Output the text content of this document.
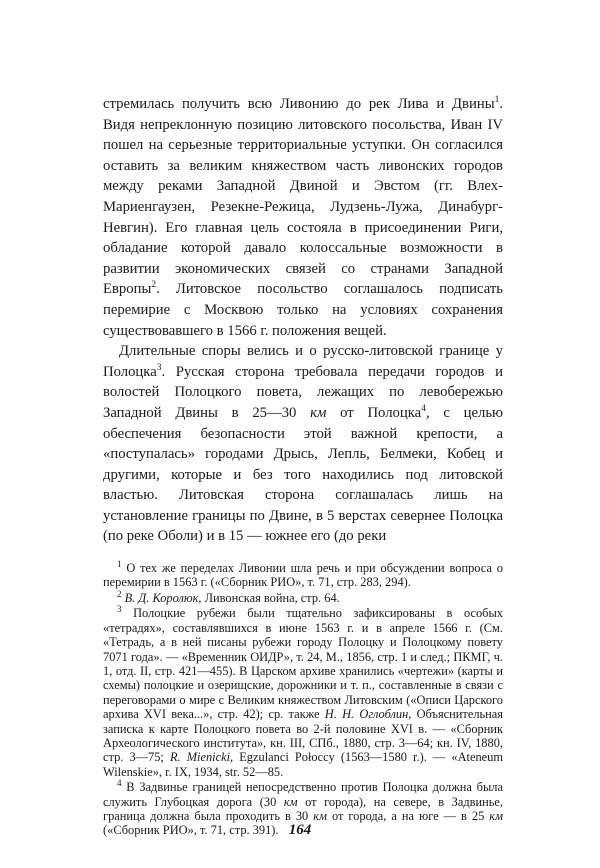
стремилась получить всю Ливонию до рек Лива и Двины$^1$. Видя непреклонную позицию литовского посольства, Иван IV пошел на серьезные территориальные уступки. Он согласился оставить за великим княжеством часть ливонских городов между реками Западной Двиной и Эвстом (гг. Влех-Мариенгаузен, Резекне-Режица, Лудзень-Лужа, Динабург-Невгин). Его главная цель состояла в присоединении Риги, обладание которой давало колоссальные возможности в развитии экономических связей со странами Западной Европы$^2$. Литовское посольство соглашалось подписать перемирие с Москвою только на условиях сохранения существовавшего в 1566 г. положения вещей.

Длительные споры велись и о русско-литовской границе у Полоцка$^3$. Русская сторона требовала передачи городов и волостей Полоцкого повета, лежащих по левобережью Западной Двины в 25—30 км от Полоцка$^4$, с целью обеспечения безопасности этой важной крепости, а «поступалась» городами Дрысь, Лепль, Белмеки, Кобец и другими, которые и без того находились под литовской властью. Литовская сторона соглашалась лишь на установление границы по Двине, в 5 верстах севернее Полоцка (по реке Оболи) и в 15 — южнее его (до реки

$^1$ О тех же переделах Ливонии шла речь и при обсуждении вопроса о перемирии в 1563 г. («Сборник РИО», т. 71, стр. 283, 294).

$^2$ В. Д. Королюк, Ливонская война, стр. 64.

$^3$ Полоцкие рубежи были тщательно зафиксированы в особых «тетрадях», составлявшихся в июне 1563 г. и в апреле 1566 г. (См. «Тетрадь, а в ней писаны рубежи городу Полоцку и Полоцкому повету 7071 года». — «Временник ОИДР», т. 24, М., 1856, стр. 1 и след.; ПКМГ, ч. 1, отд. II, стр. 421—455). В Царском архиве хранились «чертежи» (карты и схемы) полоцкие и озерищские, дорожники и т. п., составленные в связи с переговорами о мире с Великим княжеством Литовским («Описи Царского архива XVI века...», стр. 42); ср. также Н. Н. Оглоблин, Объяснительная записка к карте Полоцкого повета во 2-й половине XVI в. — «Сборник Археологического института», кн. III, СПб., 1880, стр. 3—64; кн. IV, 1880, стр. 3—75; R. Mienicki, Egzulanci Połoccy (1563—1580 r.). — «Ateneum Wilenskie», r. IX, 1934, str. 52—85.

$^4$ В Задвинье границей непосредственно против Полоцка должна была служить Глубоцкая дорога (30 км от города), на севере, в Задвинье, граница должна была проходить в 30 км от города, а на юге — в 25 км («Сборник РИО», т. 71, стр. 391). 164
